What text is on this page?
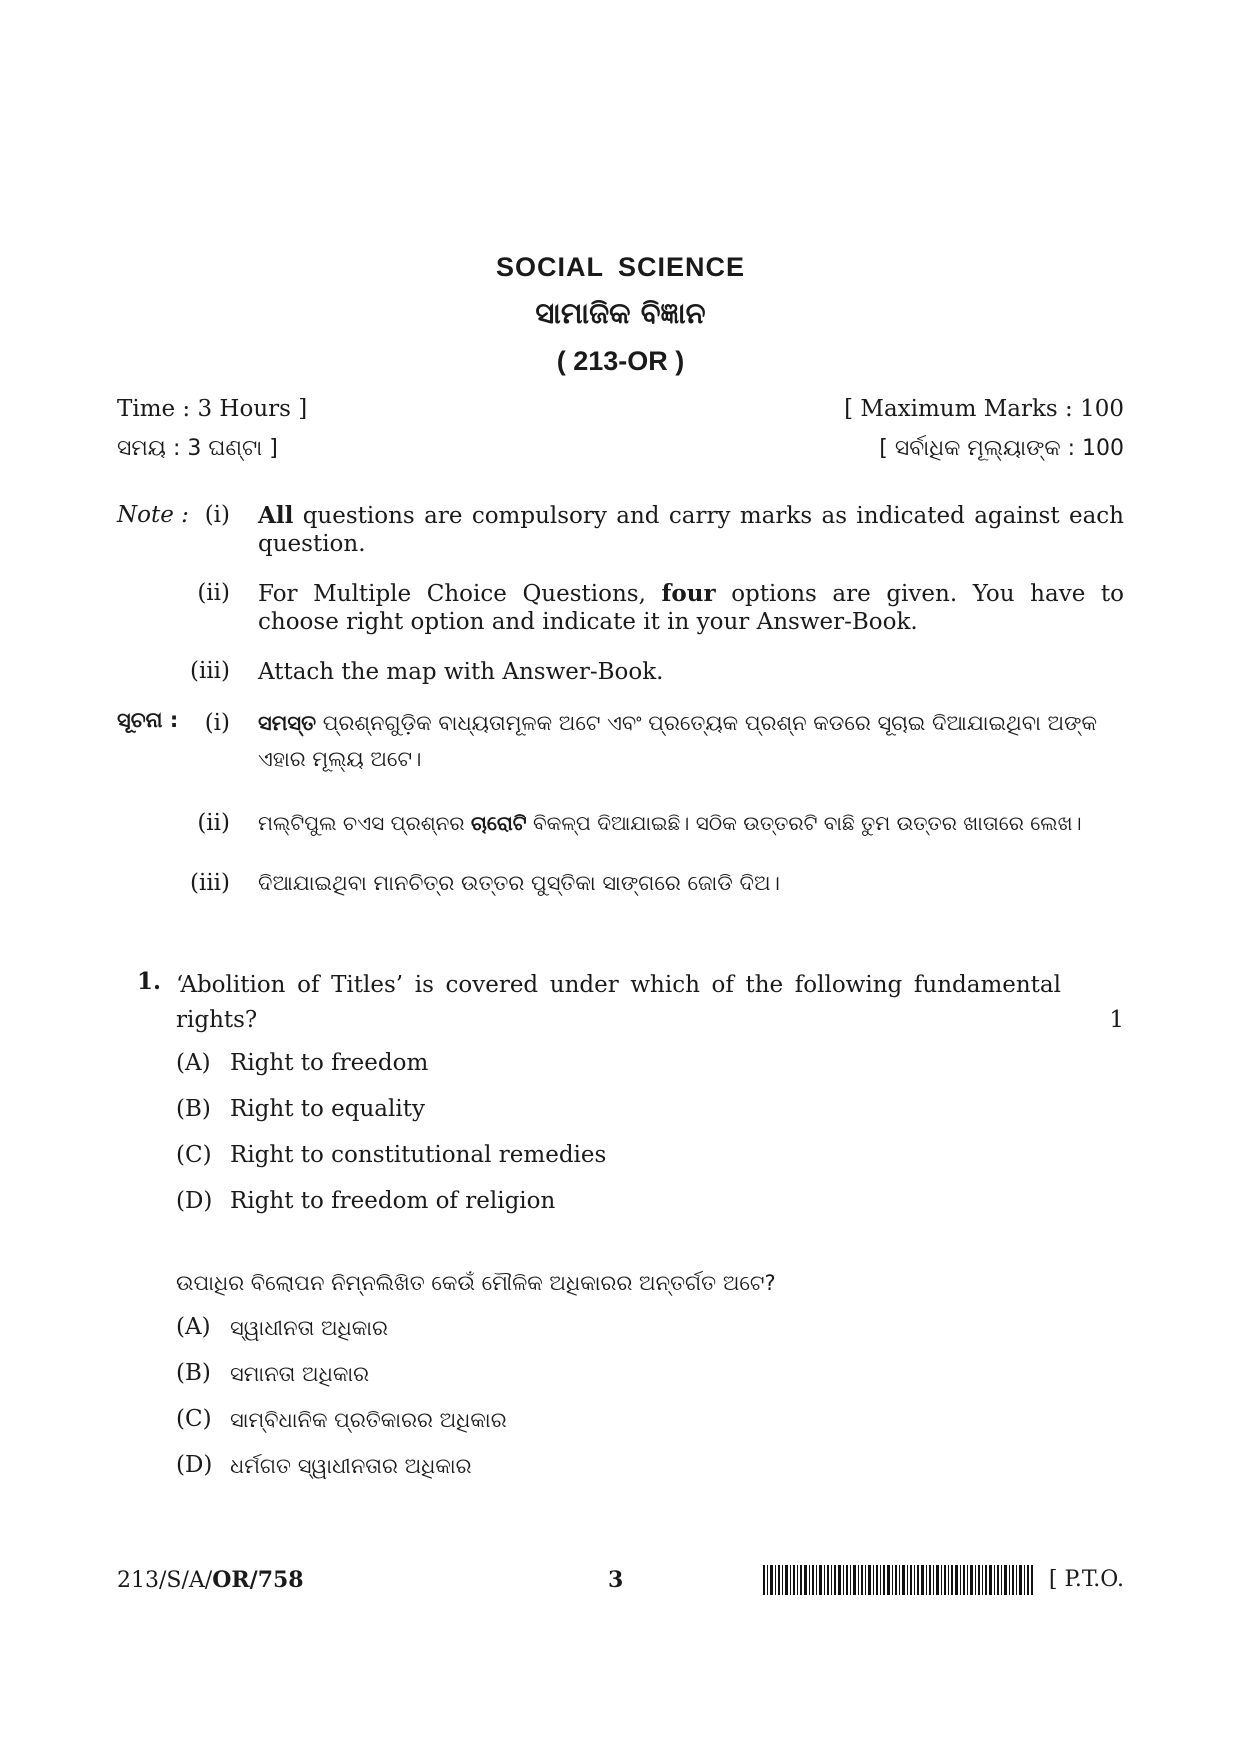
SOCIAL SCIENCE
ସାମାଜିକ ବିଜ୍ଞାନ
( 213-OR )
Time : 3 Hours ]	[ Maximum Marks : 100
ସମୟ : 3 ଘଣ୍ଟା ]	[ ସର୍ବାଧିକ ମୂଲ୍ୟାଙ୍କ : 100
Note : (i) All questions are compulsory and carry marks as indicated against each question.
(ii) For Multiple Choice Questions, four options are given. You have to choose right option and indicate it in your Answer-Book.
(iii) Attach the map with Answer-Book.
ସୂଚନା :	(i) ସମସ୍ତ ପ୍ରଶ୍ନଗୁଡ଼ିକ ବାଧ୍ୟତାମୂଳକ ଅଟେ ଏବଂ ପ୍ରତ୍ୟେକ ପ୍ରଶ୍ନ କଡରେ ସୂଚାଇ ଦିଆଯାଇଥିବା ଅଙ୍କ ଏହାର ମୂଲ୍ୟ ଅଟେ।
(ii) ମଲ୍ଟିପୁଲ ଚଏସ ପ୍ରଶ୍ନର ଚାରୋଟି ବିକଳ୍ପ ଦିଆଯାଇଛି। ସଠିକ ଉତ୍ତରଟି ବାଛି ତୁମ ଉତ୍ତର ଖାତାରେ ଲେଖ।
(iii) ଦିଆଯାଇଥିବା ମାନଚିତ୍ର ଉତ୍ତର ପୁସ୍ତିକା ସାଙ୍ଗରେ ଜୋଡି ଦିଅ।
1. ‘Abolition of Titles’ is covered under which of the following fundamental rights?	1
(A) Right to freedom
(B) Right to equality
(C) Right to constitutional remedies
(D) Right to freedom of religion
ଉପାଧିର ବିଲୋପନ ନିମ୍ନଲିଖିତ କେଉଁ ମୌଳିକ ଅଧିକାରର ଅନ୍ତର୍ଗତ ଅଟେ?
(A) ସ୍ୱାଧୀନତା ଅଧିକାର
(B) ସମାନତା ଅଧିକାର
(C) ସାମ୍ବିଧାନିକ ପ୍ରତିକାରର ଅଧିକାର
(D) ଧର୍ମଗତ ସ୍ୱାଧୀନତାର ଅଧିକାର
213/S/A/OR/758	3	[ P.T.O.
